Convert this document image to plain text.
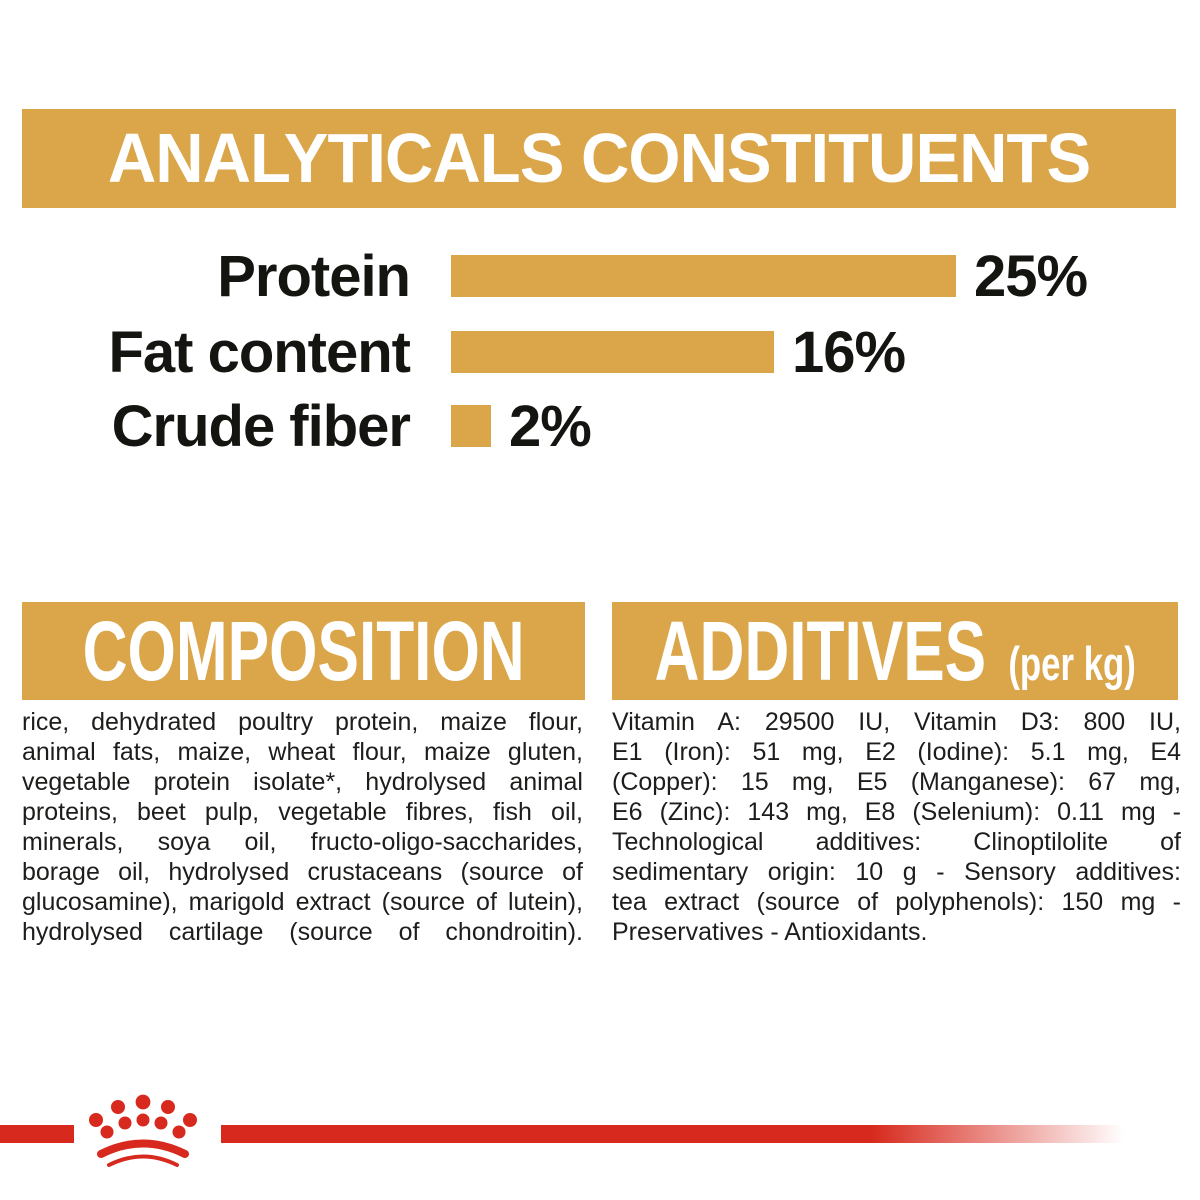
ANALYTICALS CONSTITUENTS
Protein	25%
Fat content	16%
Crude fiber 2%
COMPOSITION
rice, dehydrated poultry protein, maize flour,
animal fats, maize, wheat flour, maize gluten,
vegetable protein isolate*, hydrolysed animal
proteins, beet pulp, vegetable fibres, fish oil,
minerals, soya oil, fructo-oligo-saccharides,
borage oil, hydrolysed crustaceans (source of
glucosamine), marigold extract (source of lutein),
hydrolysed cartilage (source of chondroitin).
ADDITIVES (per kg)
Vitamin A: 29500 IU, Vitamin D3: 800 IU,
E1 (Iron): 51 mg, E2 (Iodine): 5.1 mg, E4
(Copper): 15 mg, E5 (Manganese): 67 mg,
E6 (Zinc): 143 mg, E8 (Selenium): 0.11 mg -
Technological additives: Clinoptilolite of
sedimentary origin: 10 g - Sensory additives:
tea extract (source of polyphenols): 150 mg -
Preservatives - Antioxidants.
